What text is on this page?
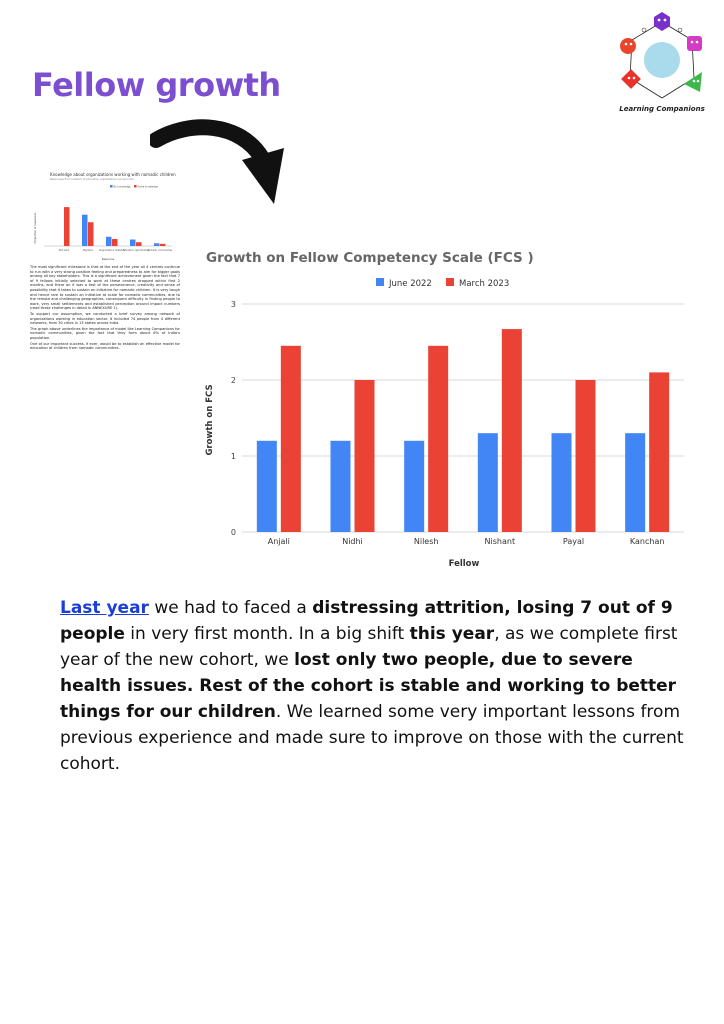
Fellow growth
Learning Companions
Knowledge about organizations working with nomadic children
Responses from network of education organizations across India
No knowledge	Some knowledge
Paid work	Migration	Organizations' statistics
Education opportunities
Nomadic communities
Response
Proportion of responses

The most significant milestone is that at the end of the year all 4 centres continue to run with a very strong positive feeling and preparedness to aim for bigger goals among all key stakeholders. This is a significant achievement given the fact that 7 of 9 fellows initially selected to work at these centres dropped within first 2 months, and there on it was a test of the perseverance, creativity and sense of possibility that it takes to sustain an initiative for nomadic children. It is very tough and hence rare to sustain an initiative at scale for nomadic communities, due to the remote and challenging geographies, consequent difficulty in finding people to work, very small settlements and established perception around impact numbers (read these challenges in detail in ANNEXURE 1).

To support our assumption, we conducted a brief survey among network of organizations working in education sector. It included 74 people from 4 different networks, from 30 cities in 13 states across India.

The graph above underlines the importance of model like Learning Companions for nomadic communities, given the fact that they form about 6% of India's population.

One of our important success, if ever, would be to establish an effective model for education of children from nomadic communities.

Growth on Fellow Competency Scale (FCS )
June 2022	March 2023
0
1
2
3
Anjali	Nidhi	Nilesh	Nishant	Payal	Kanchan
Fellow
Growth on FCS
Last year we had to faced a distressing attrition, losing 7 out of 9 people in very first month. In a big shift this year, as we complete first year of the new cohort, we lost only two people, due to severe health issues. Rest of the cohort is stable and working to better things for our children. We learned some very important lessons from previous experience and made sure to improve on those with the current cohort.
